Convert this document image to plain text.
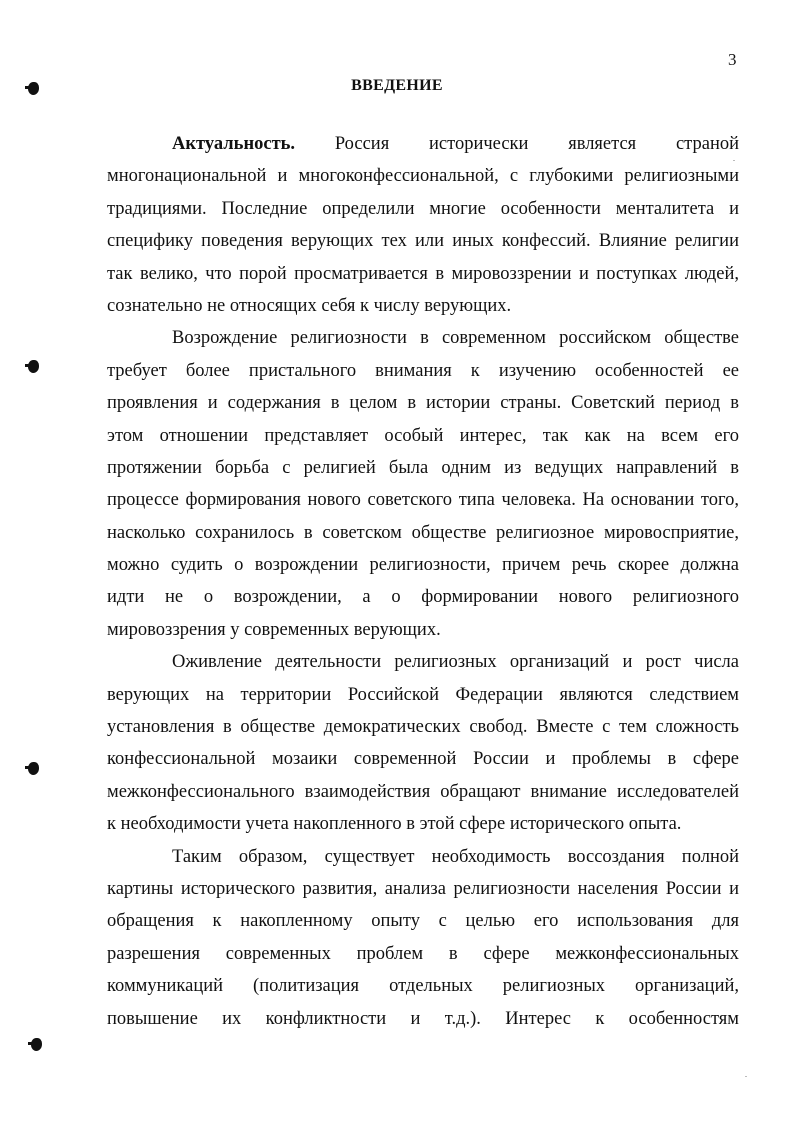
3
ВВЕДЕНИЕ
Актуальность. Россия исторически является страной
многонациональной и многоконфессиональной, с глубокими религиозными
традициями. Последние определили многие особенности менталитета и
специфику поведения верующих тех или иных конфессий. Влияние религии
так велико, что порой просматривается в мировоззрении и поступках людей,
сознательно не относящих себя к числу верующих.
Возрождение религиозности в современном российском обществе
требует более пристального внимания к изучению особенностей ее
проявления и содержания в целом в истории страны. Советский период в
этом отношении представляет особый интерес, так как на всем его
протяжении борьба с религией была одним из ведущих направлений в
процессе формирования нового советского типа человека. На основании того,
насколько сохранилось в советском обществе религиозное мировосприятие,
можно судить о возрождении религиозности, причем речь скорее должна
идти не о возрождении, а о формировании нового религиозного
мировоззрения у современных верующих.
Оживление деятельности религиозных организаций и рост числа
верующих на территории Российской Федерации являются следствием
установления в обществе демократических свобод. Вместе с тем сложность
конфессиональной мозаики современной России и проблемы в сфере
межконфессионального взаимодействия обращают внимание исследователей
к необходимости учета накопленного в этой сфере исторического опыта.
Таким образом, существует необходимость воссоздания полной
картины исторического развития, анализа религиозности населения России и
обращения к накопленному опыту с целью его использования для
разрешения современных проблем в сфере межконфессиональных
коммуникаций (политизация отдельных религиозных организаций,
повышение их конфликтности и т.д.). Интерес к особенностям
